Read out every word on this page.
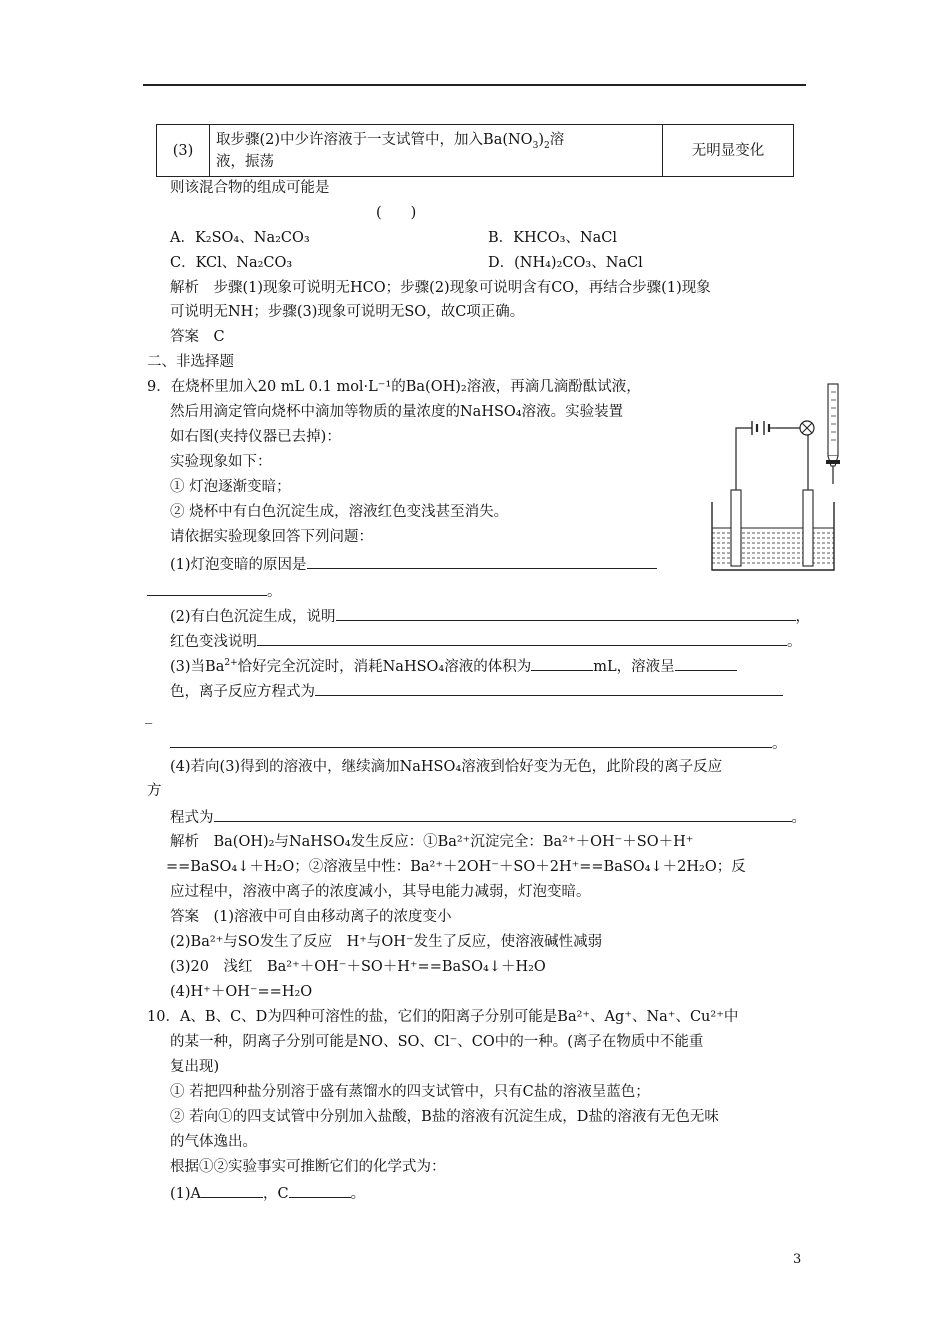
(3)	取步骤(2)中少许溶液于一支试管中，加入$Ba(NO_3)_2$溶
液，振荡	无明显变化
则该混合物的组成可能是
(　　)
A．K₂SO₄、Na₂CO₃	B．KHCO₃、NaCl
C．KCl、Na₂CO₃	D．(NH₄)₂CO₃、NaCl
解析　步骤(1)现象可说明无HCO；步骤(2)现象可说明含有CO，再结合步骤(1)现象
可说明无NH；步骤(3)现象可说明无SO，故C项正确。
答案　C
二、非选择题
9．在烧杯里加入20 mL 0.1 mol·L⁻¹的Ba(OH)₂溶液，再滴几滴酚酞试液，
然后用滴定管向烧杯中滴加等物质的量浓度的NaHSO₄溶液。实验装置
如右图(夹持仪器已去掉)：
实验现象如下：
① 灯泡逐渐变暗；
② 烧杯中有白色沉淀生成，溶液红色变浅甚至消失。
请依据实验现象回答下列问题：
(1)灯泡变暗的原因是
。
(2)有白色沉淀生成，说明	，
红色变浅说明	。
(3)当$Ba^{2+}$恰好完全沉淀时，消耗NaHSO₄溶液的体积为	mL，溶液呈
色，离子反应方程式为
_
。
(4)若向(3)得到的溶液中，继续滴加NaHSO₄溶液到恰好变为无色，此阶段的离子反应
方
程式为	。
解析　Ba(OH)₂与NaHSO₄发生反应：①Ba²⁺沉淀完全：Ba²⁺＋OH⁻＋SO＋H⁺
==BaSO₄↓＋H₂O；②溶液呈中性：Ba²⁺＋2OH⁻＋SO＋2H⁺==BaSO₄↓＋2H₂O；反
应过程中，溶液中离子的浓度减小，其导电能力减弱，灯泡变暗。
答案　(1)溶液中可自由移动离子的浓度变小
(2)Ba²⁺与SO发生了反应　H⁺与OH⁻发生了反应，使溶液碱性减弱
(3)20　浅红　Ba²⁺＋OH⁻＋SO＋H⁺==BaSO₄↓＋H₂O
(4)H⁺＋OH⁻==H₂O
10．A、B、C、D为四种可溶性的盐，它们的阳离子分别可能是Ba²⁺、Ag⁺、Na⁺、Cu²⁺中
的某一种，阴离子分别可能是NO、SO、Cl⁻、CO中的一种。(离子在物质中不能重
复出现)
① 若把四种盐分别溶于盛有蒸馏水的四支试管中，只有C盐的溶液呈蓝色；
② 若向①的四支试管中分别加入盐酸，B盐的溶液有沉淀生成，D盐的溶液有无色无味
的气体逸出。
根据①②实验事实可推断它们的化学式为：
(1)A	，C	。
3
